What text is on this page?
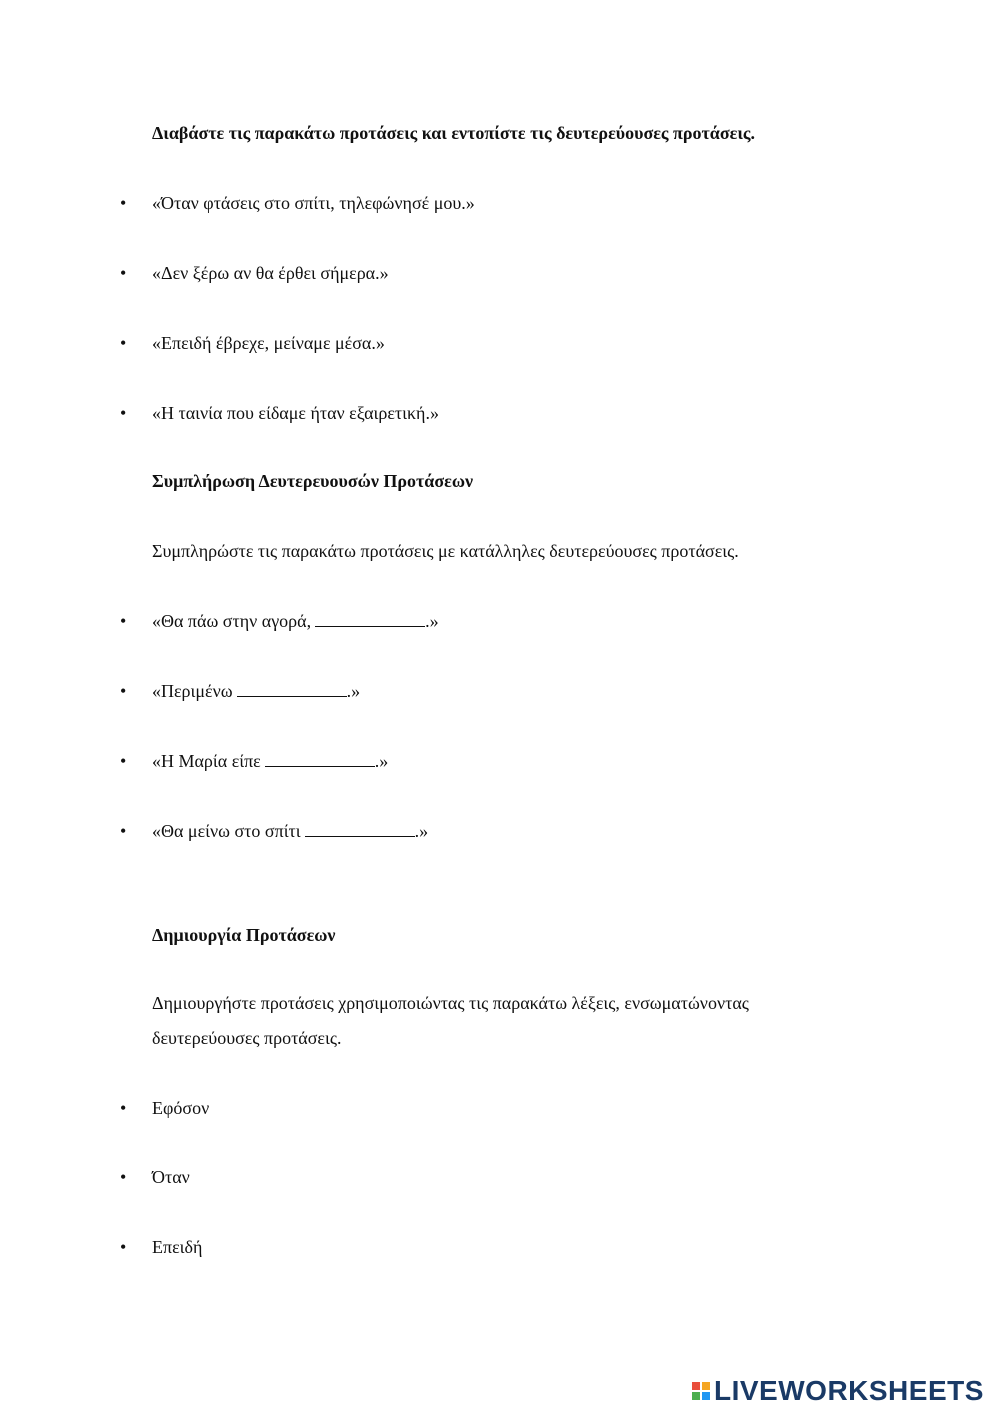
Διαβάστε τις παρακάτω προτάσεις και εντοπίστε τις δευτερεύουσες προτάσεις.
• «Όταν φτάσεις στο σπίτι, τηλεφώνησέ μου.»
• «Δεν ξέρω αν θα έρθει σήμερα.»
• «Επειδή έβρεχε, μείναμε μέσα.»
• «Η ταινία που είδαμε ήταν εξαιρετική.»
Συμπλήρωση Δευτερευουσών Προτάσεων
Συμπληρώστε τις παρακάτω προτάσεις με κατάλληλες δευτερεύουσες προτάσεις.
• «Θα πάω στην αγορά,	.»
• «Περιμένω	.»
• «Η Μαρία είπε	.»
• «Θα μείνω στο σπίτι	.»
Δημιουργία Προτάσεων
Δημιουργήστε προτάσεις χρησιμοποιώντας τις παρακάτω λέξεις, ενσωματώνοντας
δευτερεύουσες προτάσεις.
• Εφόσον
• Όταν
• Επειδή
LIVEWORKSHEETS
